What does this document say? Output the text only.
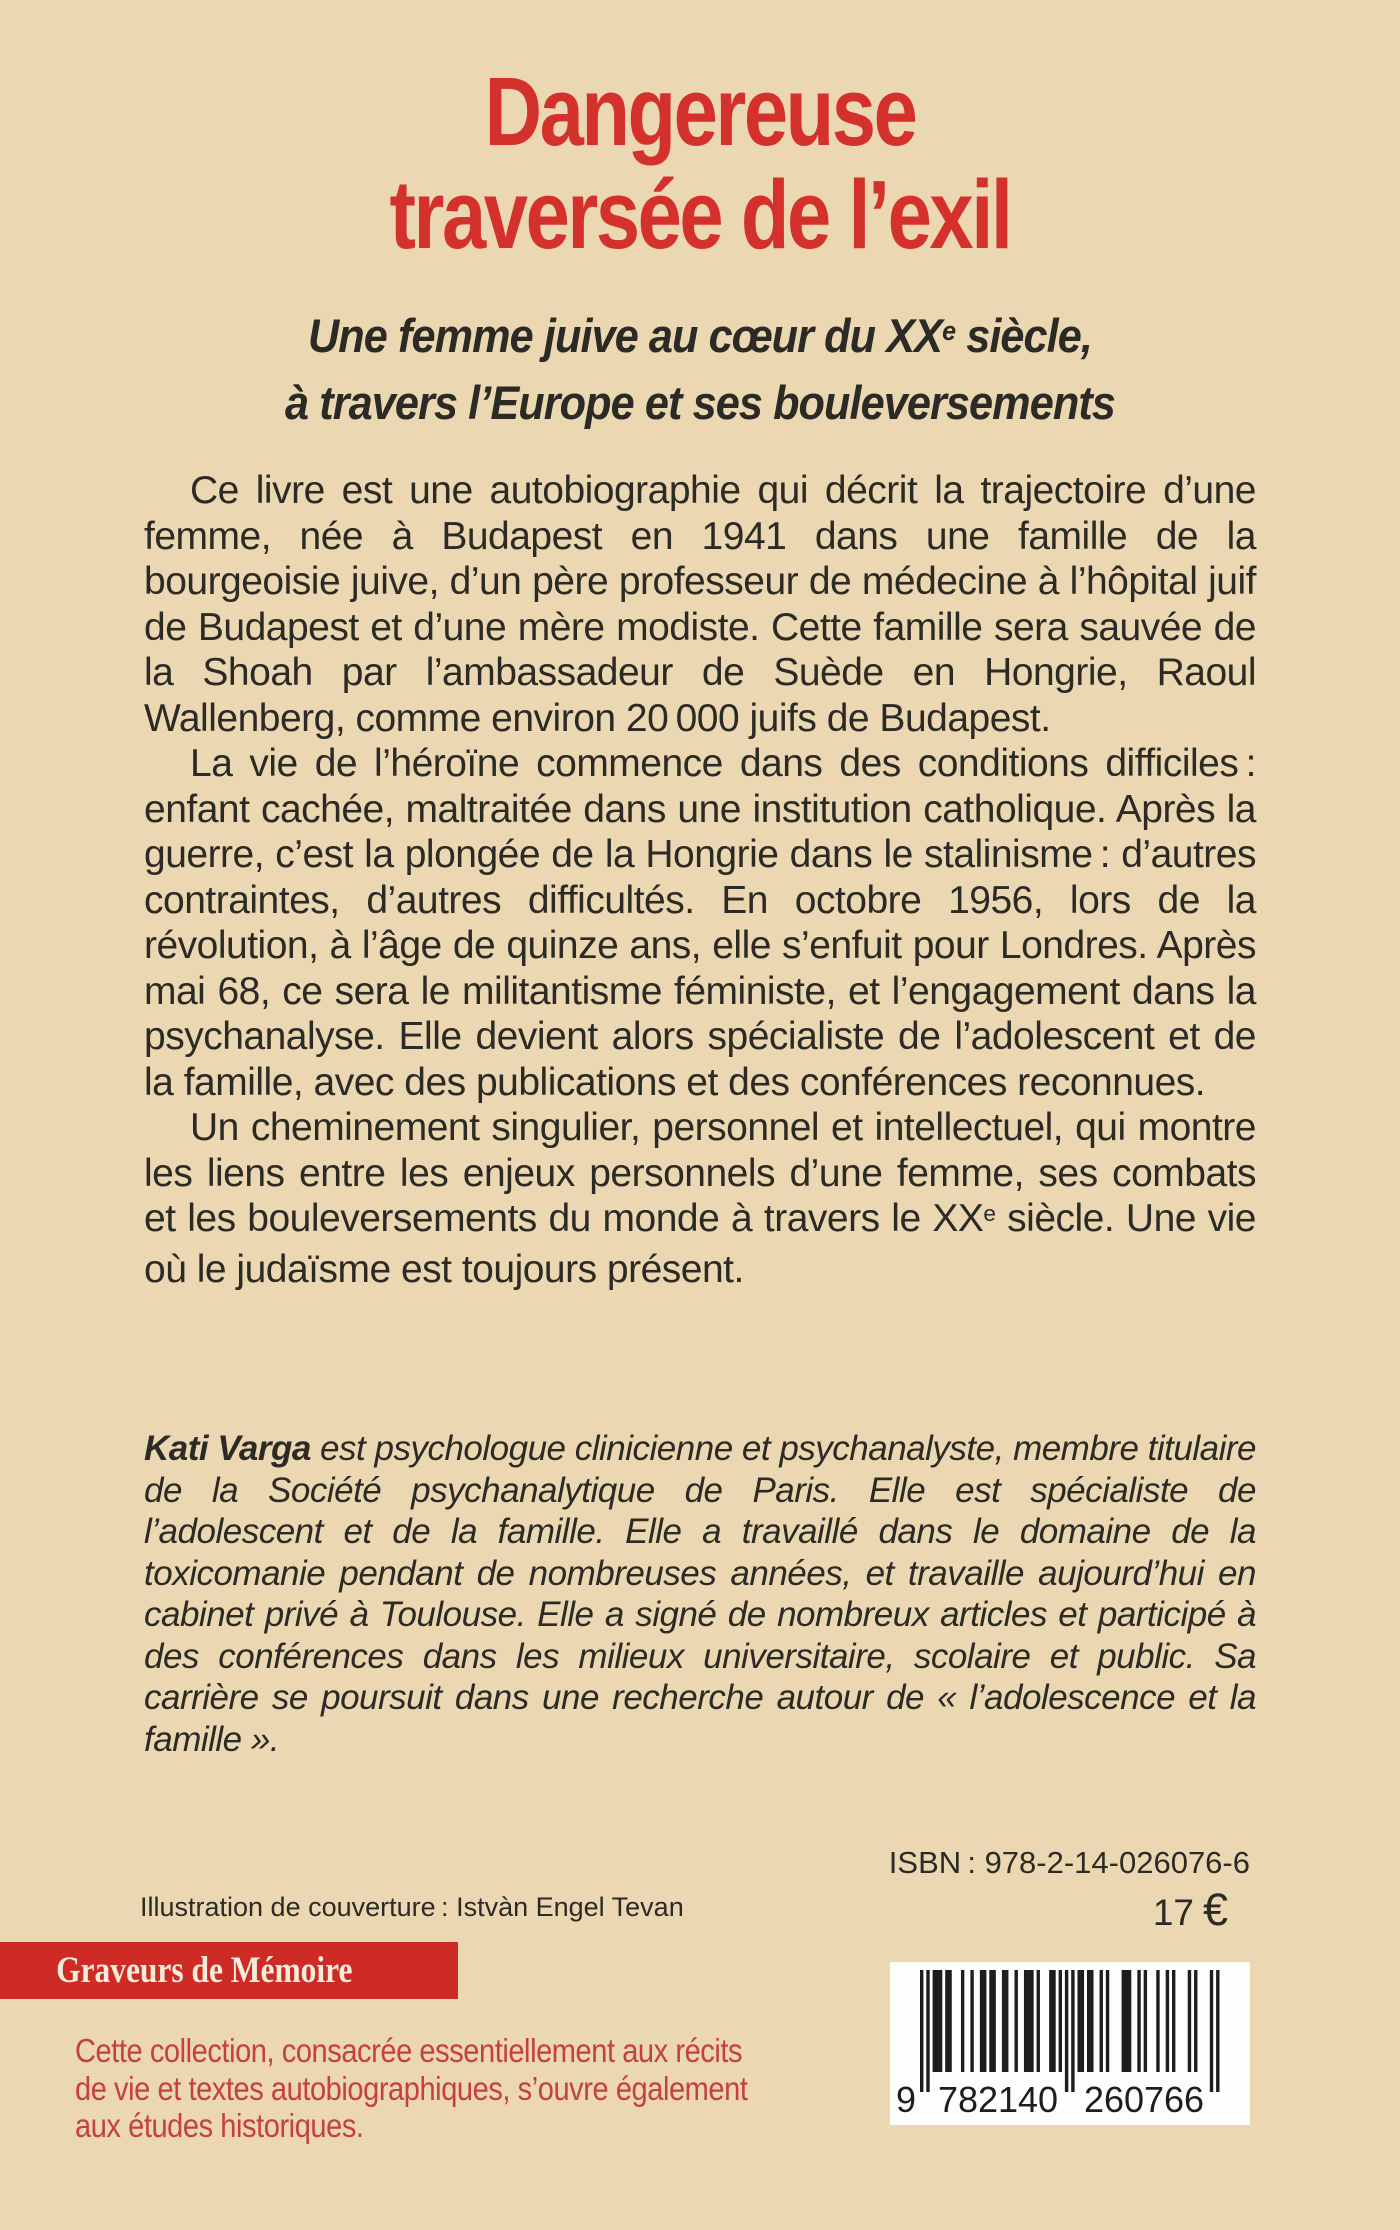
Dangereuse
traversée de l’exil
Une femme juive au cœur du XXe siècle,
à travers l’Europe et ses bouleversements

Ce livre est une autobiographie qui décrit la trajectoire d’une femme, née à Budapest en 1941 dans une famille de la bourgeoisie juive, d’un père professeur de médecine à l’hôpital juif de Budapest et d’une mère modiste. Cette famille sera sauvée de la Shoah par l’ambassadeur de Suède en Hongrie, Raoul Wallenberg, comme environ 20 000 juifs de Budapest.

La vie de l’héroïne commence dans des conditions difficiles : enfant cachée, maltraitée dans une institution catholique. Après la guerre, c’est la plongée de la Hongrie dans le stalinisme : d’autres contraintes, d’autres difficultés. En octobre 1956, lors de la révolution, à l’âge de quinze ans, elle s’enfuit pour Londres. Après mai 68, ce sera le militantisme féministe, et l’engagement dans la psychanalyse. Elle devient alors spécialiste de l’adolescent et de la famille, avec des publications et des conférences reconnues.

Un cheminement singulier, personnel et intellectuel, qui montre les liens entre les enjeux personnels d’une femme, ses combats et les bouleversements du monde à travers le XXe siècle. Une vie où le judaïsme est toujours présent.

Kati Varga est psychologue clinicienne et psychanalyste, membre titulaire de la Société psychanalytique de Paris. Elle est spécialiste de l’adolescent et de la famille. Elle a travaillé dans le domaine de la toxicomanie pendant de nombreuses années, et travaille aujourd’hui en cabinet privé à Toulouse. Elle a signé de nombreux articles et participé à des conférences dans les milieux universitaire, scolaire et public. Sa carrière se poursuit dans une recherche autour de « l’adolescence et la famille ».

ISBN : 978-2-14-026076-6
Illustration de couverture : Istvàn Engel Tevan	17 €
Graveurs de Mémoire

Cette collection, consacrée essentiellement aux récits de vie et textes autobiographiques, s’ouvre également aux études historiques.

9 782140 260766
